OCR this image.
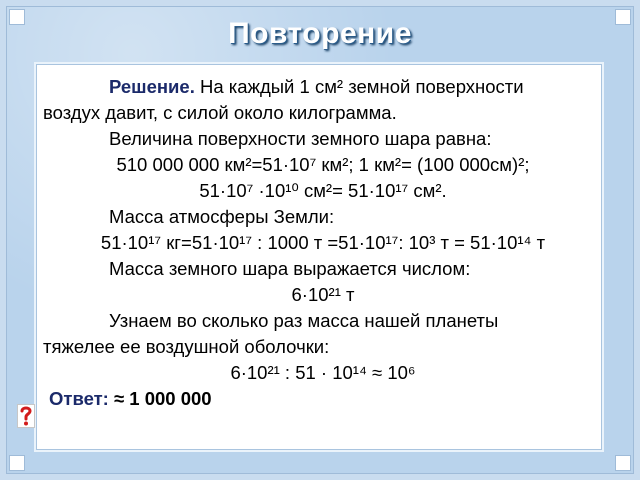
Повторение
Решение. На каждый 1 см² земной поверхности
воздух давит, с силой около килограмма.
Величина поверхности земного шара равна:
510 000 000 км²=51·10⁷ км²; 1 км²= (100 000см)²;
51·10⁷ ·10¹⁰ см²= 51·10¹⁷ см².
Масса атмосферы Земли:
51·10¹⁷ кг=51·10¹⁷ : 1000 т =51·10¹⁷: 10³ т = 51·10¹⁴ т
Масса земного шара выражается числом:
6·10²¹ т
Узнаем во сколько раз масса нашей планеты
тяжелее ее воздушной оболочки:
6·10²¹ : 51 · 10¹⁴ ≈ 10⁶
Ответ: ≈ 1 000 000
